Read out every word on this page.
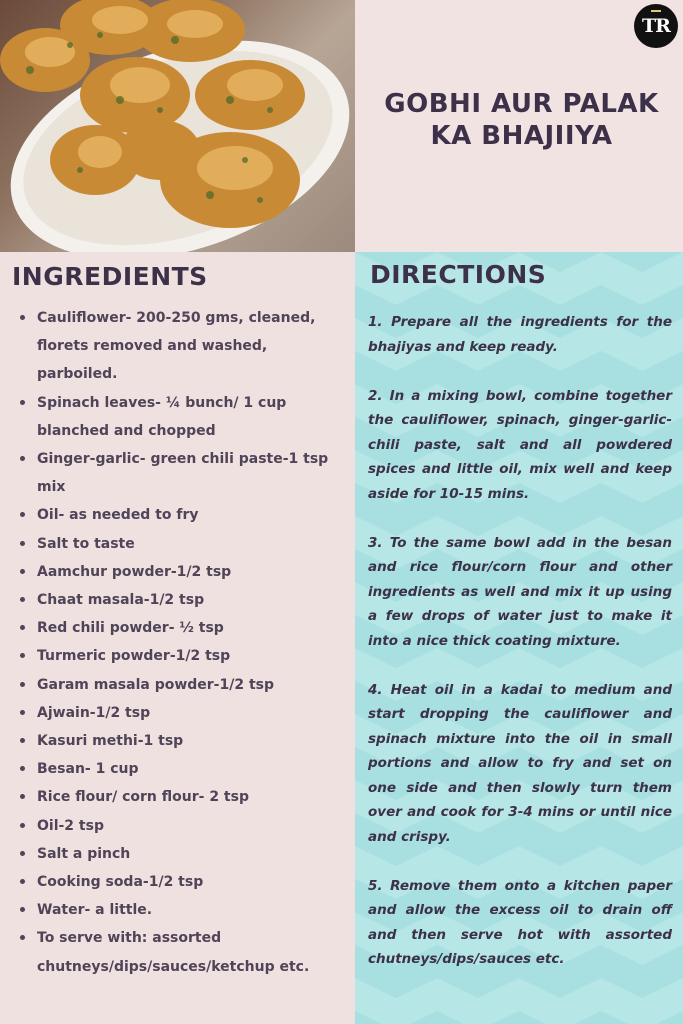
TR
GOBHI AUR PALAK KA BHAJIIYA
INGREDIENTS
Cauliflower- 200-250 gms, cleaned, florets removed and washed, parboiled.
Spinach leaves- ¼ bunch/ 1 cup blanched and chopped
Ginger-garlic- green chili paste-1 tsp mix
Oil- as needed to fry
Salt to taste
Aamchur powder-1/2 tsp
Chaat masala-1/2 tsp
Red chili powder- ½ tsp
Turmeric powder-1/2 tsp
Garam masala powder-1/2 tsp
Ajwain-1/2 tsp
Kasuri methi-1 tsp
Besan- 1 cup
Rice flour/ corn flour- 2 tsp
Oil-2 tsp
Salt a pinch
Cooking soda-1/2 tsp
Water- a little.
To serve with: assorted chutneys/dips/sauces/ketchup etc.
DIRECTIONS

1. Prepare all the ingredients for the bhajiyas and keep ready.

2. In a mixing bowl, combine together the cauliflower, spinach, ginger-garlic-chili paste, salt and all powdered spices and little oil, mix well and keep aside for 10-15 mins.

3. To the same bowl add in the besan and rice flour/corn flour and other ingredients as well and mix it up using a few drops of water just to make it into a nice thick coating mixture.

4. Heat oil in a kadai to medium and start dropping the cauliflower and spinach mixture into the oil in small portions and allow to fry and set on one side and then slowly turn them over and cook for 3-4 mins or until nice and crispy.

5. Remove them onto a kitchen paper and allow the excess oil to drain off and then serve hot with assorted chutneys/dips/sauces etc.
